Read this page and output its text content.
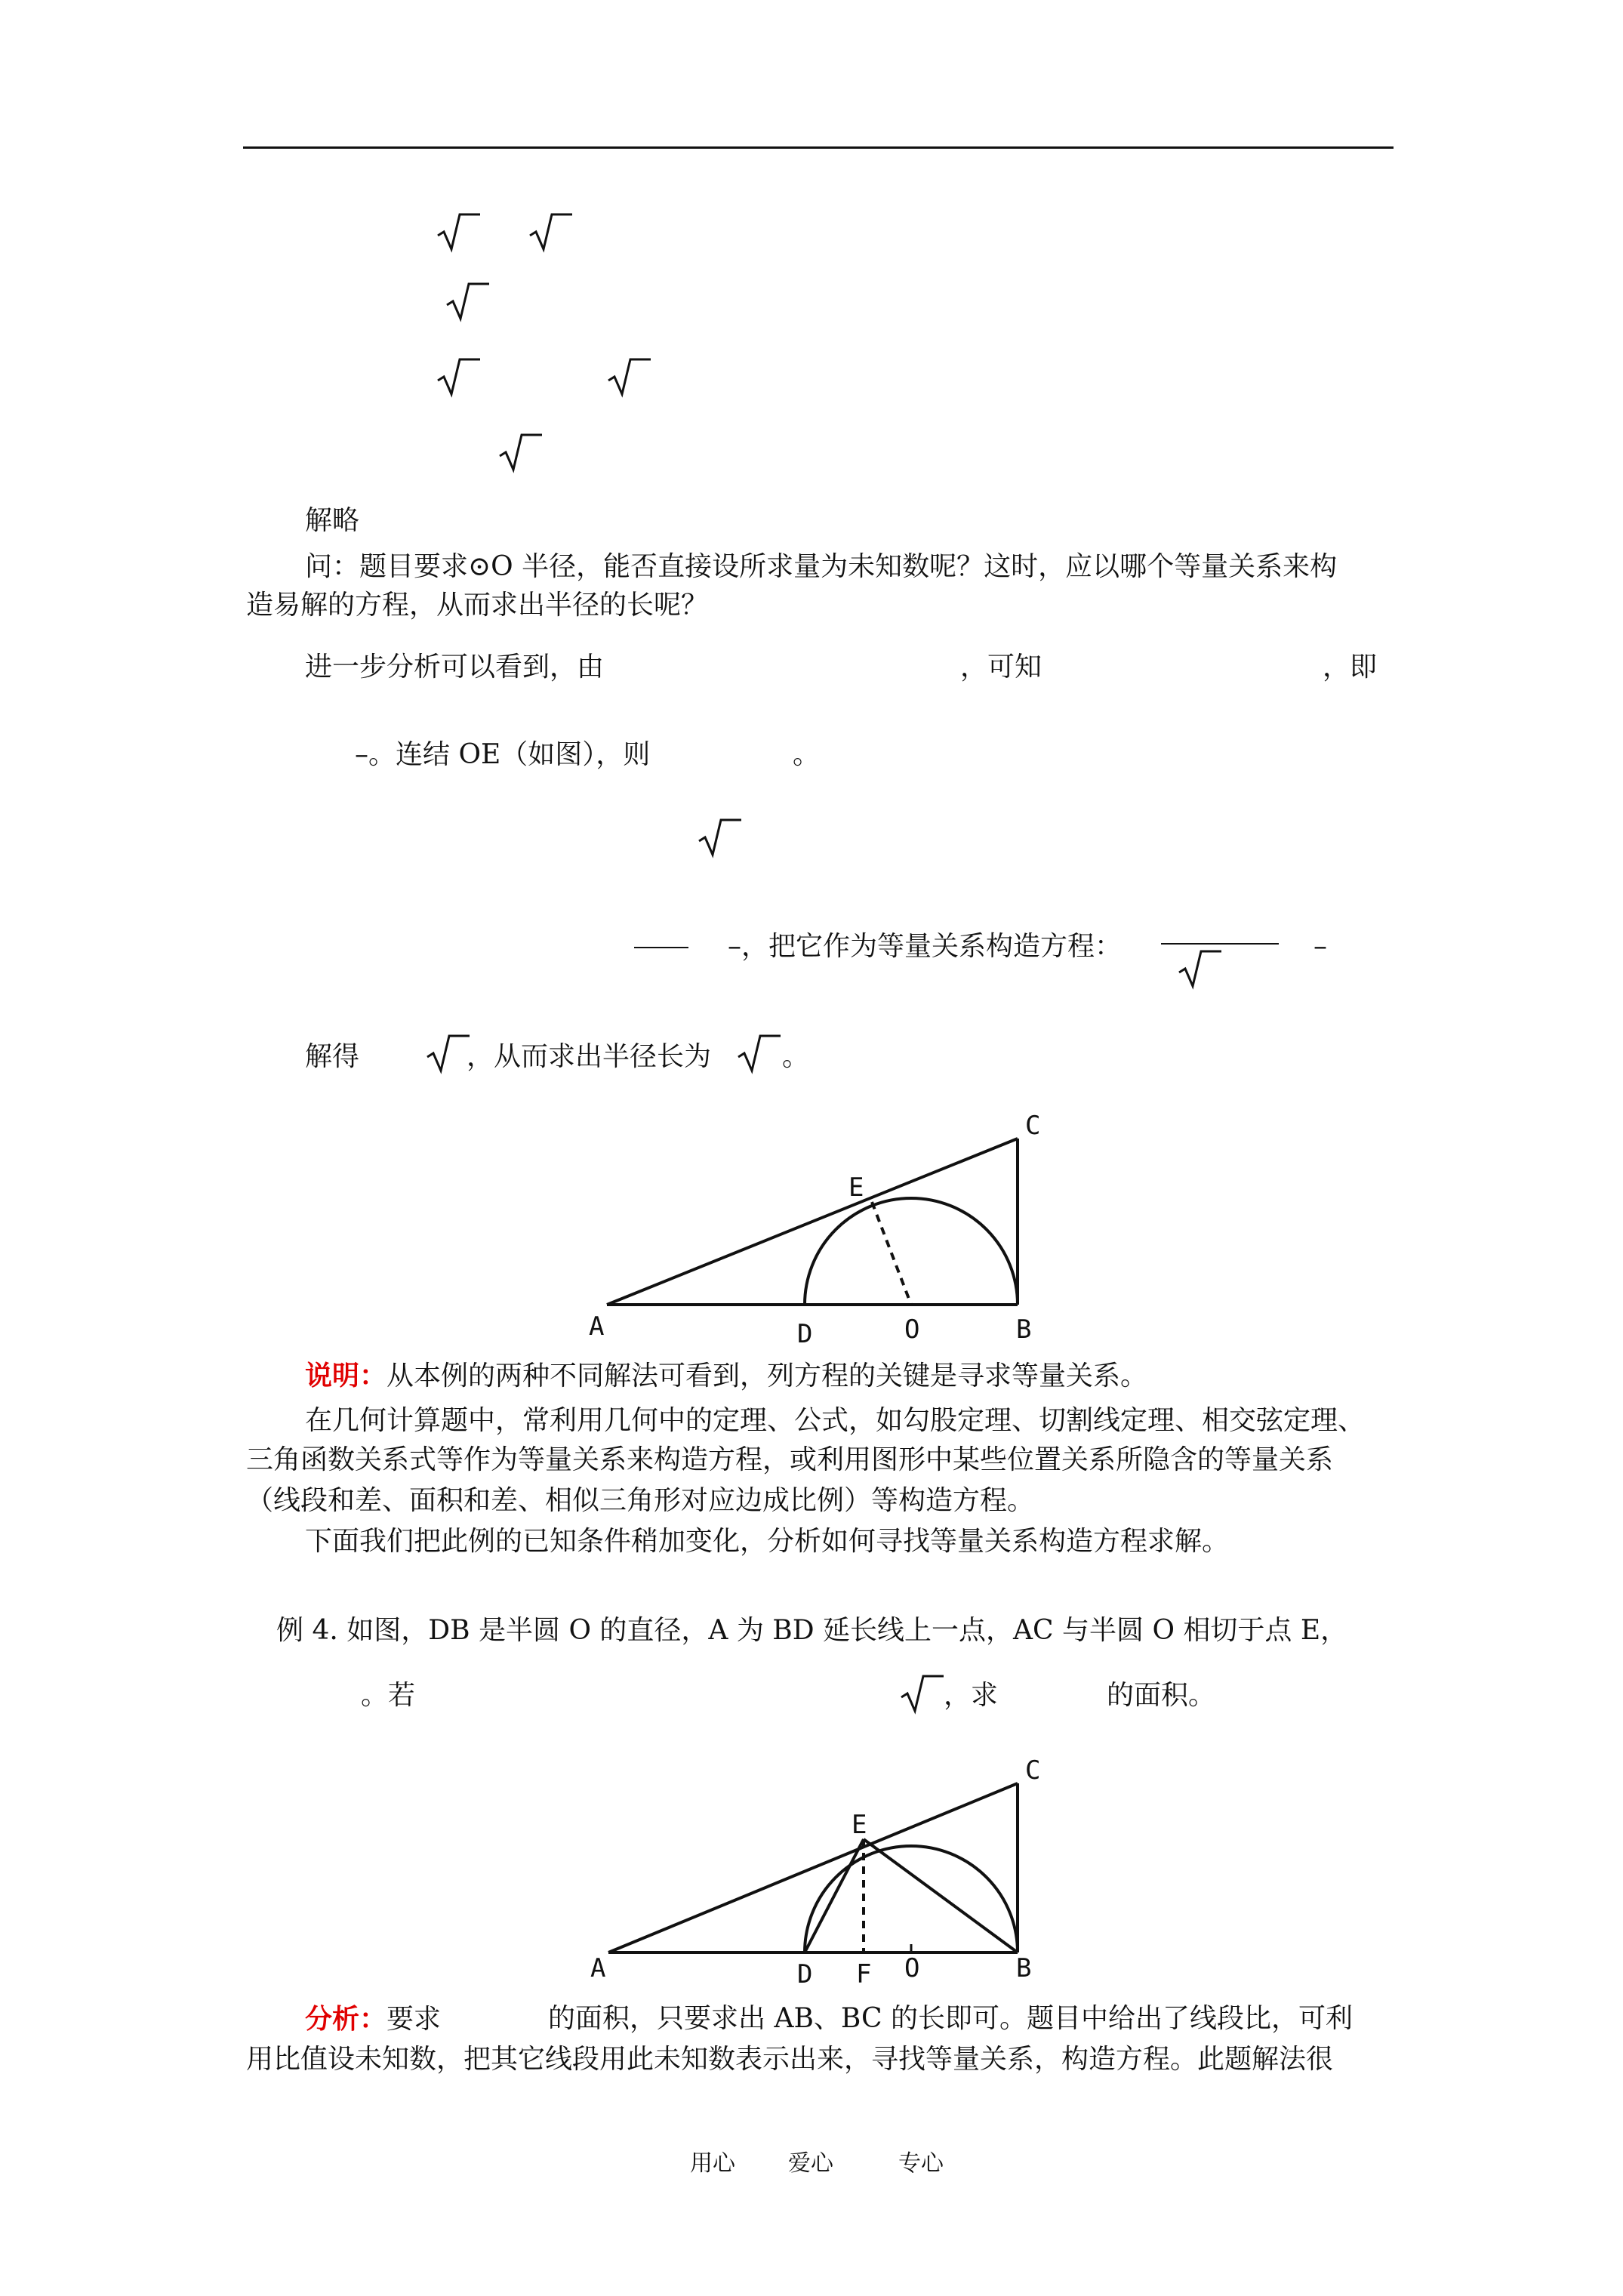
解略
问：题目要求⊙O 半径，能否直接设所求量为未知数呢？这时，应以哪个等量关系来构
造易解的方程，从而求出半径的长呢？
进一步分析可以看到，由	，可知	，即
–。连结 OE（如图），则	。
–，把它作为等量关系构造方程：	–
解得	，从而求出半径长为	。
A	D	O	B
C
E
说明：从本例的两种不同解法可看到，列方程的关键是寻求等量关系。
在几何计算题中，常利用几何中的定理、公式，如勾股定理、切割线定理、相交弦定理、
三角函数关系式等作为等量关系来构造方程，或利用图形中某些位置关系所隐含的等量关系
（线段和差、面积和差、相似三角形对应边成比例）等构造方程。
下面我们把此例的已知条件稍加变化，分析如何寻找等量关系构造方程求解。
例 4. 如图，DB 是半圆 O 的直径，A 为 BD 延长线上一点，AC 与半圆 O 相切于点 E，
。若	，求	的面积。
A	D F O	B
C
E
分析：要求	的面积，只要求出 AB、BC 的长即可。题目中给出了线段比，可利
用比值设未知数，把其它线段用此未知数表示出来，寻找等量关系，构造方程。此题解法很
用心 爱心	专心
